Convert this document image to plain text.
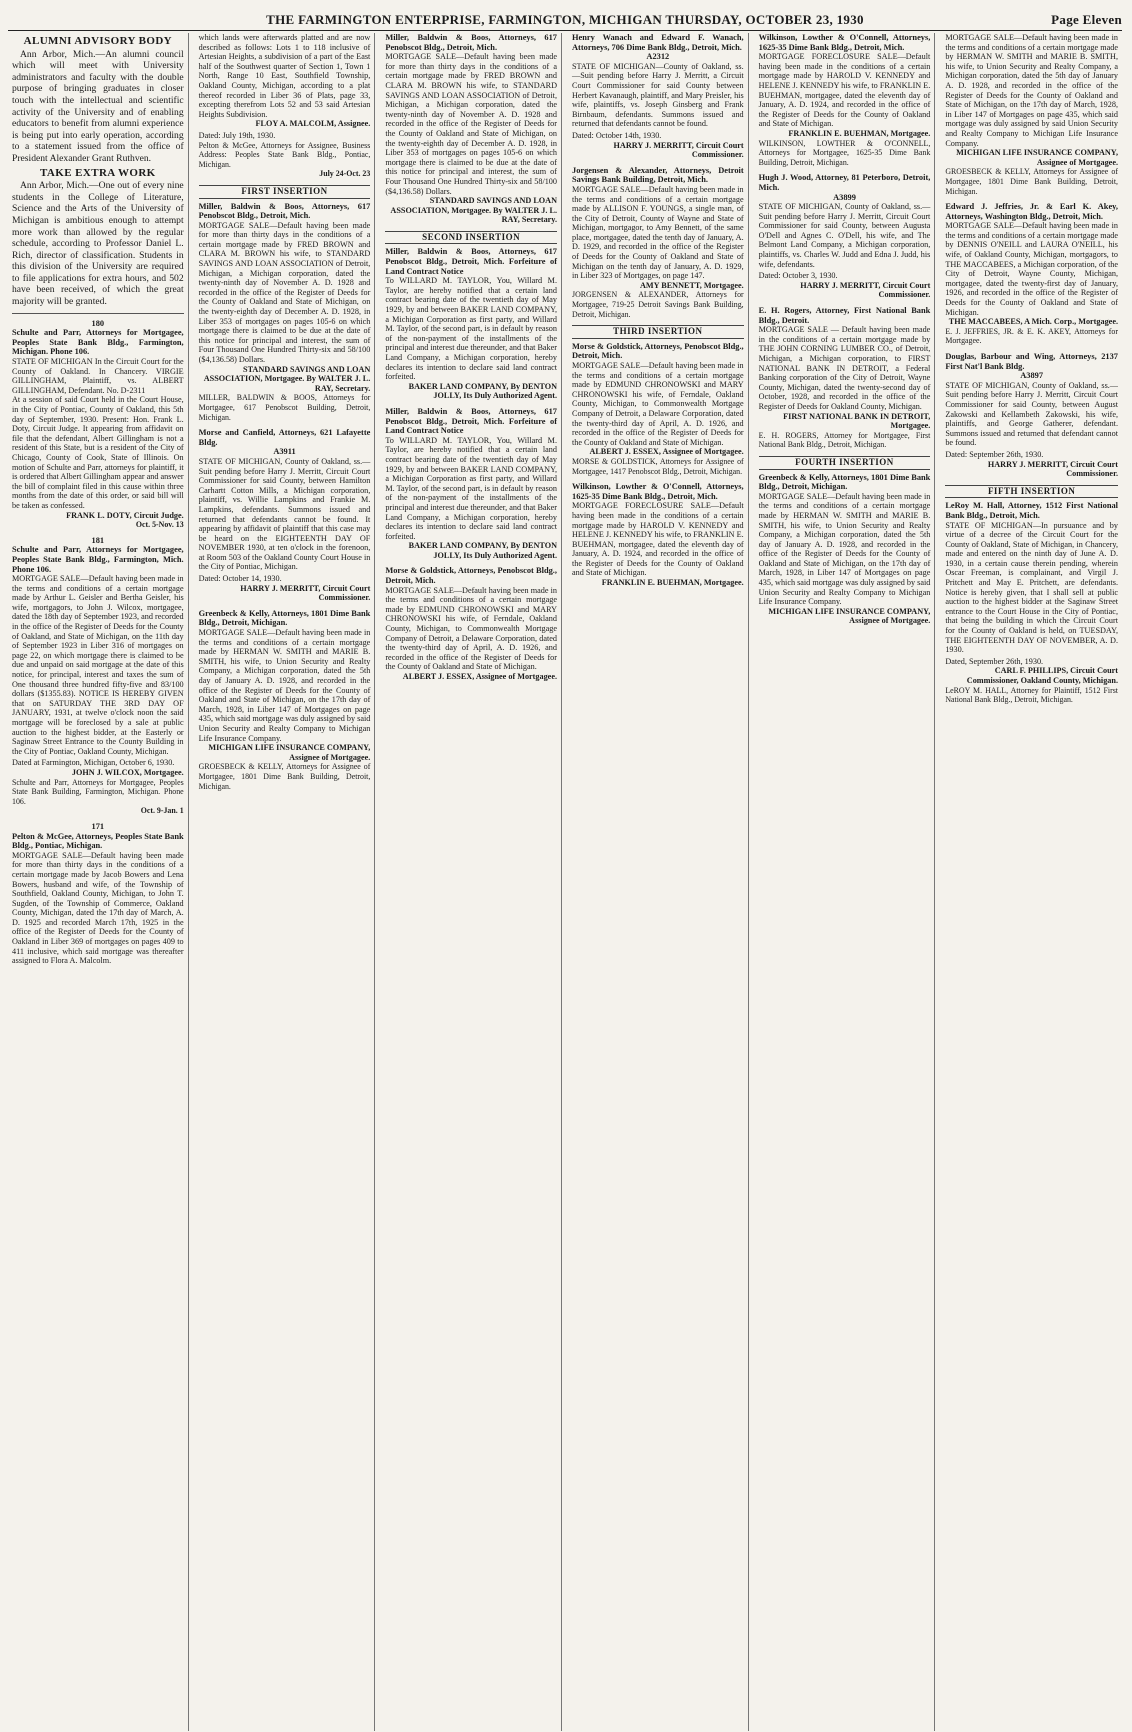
THE FARMINGTON ENTERPRISE, FARMINGTON, MICHIGAN THURSDAY, OCTOBER 23, 1930	Page Eleven
ALUMNI ADVISORY BODY

Ann Arbor, Mich.—An alumni council which will meet with University administrators and faculty with the double purpose of bringing graduates in closer touch with the intellectual and scientific activity of the University and of enabling educators to benefit from alumni experience is being put into early operation, according to a statement issued from the office of President Alexander Grant Ruthven.

TAKE EXTRA WORK

Ann Arbor, Mich.—One out of every nine students in the College of Literature, Science and the Arts of the University of Michigan is ambitious enough to attempt more work than allowed by the regular schedule, according to Professor Daniel L. Rich, director of classification. Students in this division of the University are required to file applications for extra hours, and 502 have been received, of which the great majority will be granted.

180
Schulte and Parr, Attorneys for Mortgagee, Peoples State Bank Bldg., Farmington, Michigan. Phone 106.
STATE OF MICHIGAN In the Circuit Court for the County of Oakland. In Chancery. VIRGIE GILLINGHAM, Plaintiff, vs. ALBERT GILLINGHAM, Defendant. No. D-2311
At a session of said Court held in the Court House, in the City of Pontiac, County of Oakland, this 5th day of September, 1930. Present: Hon. Frank L. Doty, Circuit Judge. It appearing from affidavit on file that the defendant, Albert Gillingham is not a resident of this State, but is a resident of the City of Chicago, County of Cook, State of Illinois. On motion of Schulte and Parr, attorneys for plaintiff, it is ordered that Albert Gillingham appear and answer the bill of complaint filed in this cause within three months from the date of this order, or said bill will be taken as confessed.
FRANK L. DOTY, Circuit Judge.
Oct. 5-Nov. 13
181
Schulte and Parr, Attorneys for Mortgagee, Peoples State Bank Bldg., Farmington, Mich. Phone 106.
MORTGAGE SALE—Default having been made in the terms and conditions of a certain mortgage made by Arthur L. Geisler and Bertha Geisler, his wife, mortgagors, to John J. Wilcox, mortgagee, dated the 18th day of September 1923, and recorded in the office of the Register of Deeds for the County of Oakland, and State of Michigan, on the 11th day of September 1923 in Liber 316 of mortgages on page 22, on which mortgage there is claimed to be due and unpaid on said mortgage at the date of this notice, for principal, interest and taxes the sum of One thousand three hundred fifty-five and 83/100 dollars ($1355.83). NOTICE IS HEREBY GIVEN that on SATURDAY THE 3RD DAY OF JANUARY, 1931, at twelve o'clock noon the said mortgage will be foreclosed by a sale at public auction to the highest bidder, at the Easterly or Saginaw Street Entrance to the County Building in the City of Pontiac, Oakland County, Michigan.
Dated at Farmington, Michigan, October 6, 1930.
JOHN J. WILCOX, Mortgagee.
Schulte and Parr, Attorneys for Mortgagee, Peoples State Bank Building, Farmington, Michigan. Phone 106.
Oct. 9-Jan. 1
171
Pelton & McGee, Attorneys, Peoples State Bank Bldg., Pontiac, Michigan.
MORTGAGE SALE—Default having been made for more than thirty days in the conditions of a certain mortgage made by Jacob Bowers and Lena Bowers, husband and wife, of the Township of Southfield, Oakland County, Michigan, to John T. Sugden, of the Township of Commerce, Oakland County, Michigan, dated the 17th day of March, A. D. 1925 and recorded March 17th, 1925 in the office of the Register of Deeds for the County of Oakland in Liber 369 of mortgages on pages 409 to 411 inclusive, which said mortgage was thereafter assigned to Flora A. Malcolm.
which lands were afterwards platted and are now described as follows: Lots 1 to 118 inclusive of Artesian Heights, a subdivision of a part of the East half of the Southwest quarter of Section 1, Town 1 North, Range 10 East, Southfield Township, Oakland County, Michigan, according to a plat thereof recorded in Liber 36 of Plats, page 33, excepting therefrom Lots 52 and 53 said Artesian Heights Subdivision.
FLOY A. MALCOLM, Assignee.
Dated: July 19th, 1930.
Pelton & McGee, Attorneys for Assignee, Business Address: Peoples State Bank Bldg., Pontiac, Michigan.
July 24-Oct. 23
FIRST INSERTION
Miller, Baldwin & Boos, Attorneys, 617 Penobscot Bldg., Detroit, Mich.
MORTGAGE SALE—Default having been made for more than thirty days in the conditions of a certain mortgage made by FRED BROWN and CLARA M. BROWN his wife, to STANDARD SAVINGS AND LOAN ASSOCIATION of Detroit, Michigan, a Michigan corporation, dated the twenty-ninth day of November A. D. 1928 and recorded in the office of the Register of Deeds for the County of Oakland and State of Michigan, on the twenty-eighth day of December A. D. 1928, in Liber 353 of mortgages on pages 105-6 on which mortgage there is claimed to be due at the date of this notice for principal and interest, the sum of Four Thousand One Hundred Thirty-six and 58/100 ($4,136.58) Dollars.
STANDARD SAVINGS AND LOAN ASSOCIATION, Mortgagee. By WALTER J. L. RAY, Secretary.
MILLER, BALDWIN & BOOS, Attorneys for Mortgagee, 617 Penobscot Building, Detroit, Michigan.
Morse and Canfield, Attorneys, 621 Lafayette Bldg.
A3911
STATE OF MICHIGAN, County of Oakland, ss.—Suit pending before Harry J. Merritt, Circuit Court Commissioner for said County, between Hamilton Carhartt Cotton Mills, a Michigan corporation, plaintiff, vs. Willie Lampkins and Frankie M. Lampkins, defendants. Summons issued and returned that defendants cannot be found. It appearing by affidavit of plaintiff that this case may be heard on the EIGHTEENTH DAY OF NOVEMBER 1930, at ten o'clock in the forenoon, at Room 503 of the Oakland County Court House in the City of Pontiac, Michigan.
Dated: October 14, 1930.
HARRY J. MERRITT, Circuit Court Commissioner.
Greenbeck & Kelly, Attorneys, 1801 Dime Bank Bldg., Detroit, Michigan.
MORTGAGE SALE—Default having been made in the terms and conditions of a certain mortgage made by HERMAN W. SMITH and MARIE B. SMITH, his wife, to Union Security and Realty Company, a Michigan corporation, dated the 5th day of January A. D. 1928, and recorded in the office of the Register of Deeds for the County of Oakland and State of Michigan, on the 17th day of March, 1928, in Liber 147 of Mortgages on page 435, which said mortgage was duly assigned by said Union Security and Realty Company to Michigan Life Insurance Company.
MICHIGAN LIFE INSURANCE COMPANY, Assignee of Mortgagee.
GROESBECK & KELLY, Attorneys for Assignee of Mortgagee, 1801 Dime Bank Building, Detroit, Michigan.
Miller, Baldwin & Boos, Attorneys, 617 Penobscot Bldg., Detroit, Mich.
MORTGAGE SALE—Default having been made for more than thirty days in the conditions of a certain mortgage made by FRED BROWN and CLARA M. BROWN his wife, to STANDARD SAVINGS AND LOAN ASSOCIATION of Detroit, Michigan, a Michigan corporation, dated the twenty-ninth day of November A. D. 1928 and recorded in the office of the Register of Deeds for the County of Oakland and State of Michigan, on the twenty-eighth day of December A. D. 1928, in Liber 353 of mortgages on pages 105-6 on which mortgage there is claimed to be due at the date of this notice for principal and interest, the sum of Four Thousand One Hundred Thirty-six and 58/100 ($4,136.58) Dollars.
STANDARD SAVINGS AND LOAN ASSOCIATION, Mortgagee. By WALTER J. L. RAY, Secretary.
SECOND INSERTION
Miller, Baldwin & Boos, Attorneys, 617 Penobscot Bldg., Detroit, Mich. Forfeiture of Land Contract Notice
To WILLARD M. TAYLOR, You, Willard M. Taylor, are hereby notified that a certain land contract bearing date of the twentieth day of May 1929, by and between BAKER LAND COMPANY, a Michigan Corporation as first party, and Willard M. Taylor, of the second part, is in default by reason of the non-payment of the installments of the principal and interest due thereunder, and that Baker Land Company, a Michigan corporation, hereby declares its intention to declare said land contract forfeited.
BAKER LAND COMPANY, By DENTON JOLLY, Its Duly Authorized Agent.
Miller, Baldwin & Boos, Attorneys, 617 Penobscot Bldg., Detroit, Mich. Forfeiture of Land Contract Notice
To WILLARD M. TAYLOR, You, Willard M. Taylor, are hereby notified that a certain land contract bearing date of the twentieth day of May 1929, by and between BAKER LAND COMPANY, a Michigan Corporation as first party, and Willard M. Taylor, of the second part, is in default by reason of the non-payment of the installments of the principal and interest due thereunder, and that Baker Land Company, a Michigan corporation, hereby declares its intention to declare said land contract forfeited.
BAKER LAND COMPANY, By DENTON JOLLY, Its Duly Authorized Agent.
Morse & Goldstick, Attorneys, Penobscot Bldg., Detroit, Mich.
MORTGAGE SALE—Default having been made in the terms and conditions of a certain mortgage made by EDMUND CHRONOWSKI and MARY CHRONOWSKI his wife, of Ferndale, Oakland County, Michigan, to Commonwealth Mortgage Company of Detroit, a Delaware Corporation, dated the twenty-third day of April, A. D. 1926, and recorded in the office of the Register of Deeds for the County of Oakland and State of Michigan.
ALBERT J. ESSEX, Assignee of Mortgagee.
Henry Wanach and Edward F. Wanach, Attorneys, 706 Dime Bank Bldg., Detroit, Mich.
A2312
STATE OF MICHIGAN—County of Oakland, ss.—Suit pending before Harry J. Merritt, a Circuit Court Commissioner for said County between Herbert Kavanaugh, plaintiff, and Mary Preisler, his wife, plaintiffs, vs. Joseph Ginsberg and Frank Birnbaum, defendants. Summons issued and returned that defendants cannot be found.
Dated: October 14th, 1930.
HARRY J. MERRITT, Circuit Court Commissioner.
Jorgensen & Alexander, Attorneys, Detroit Savings Bank Building, Detroit, Mich.
MORTGAGE SALE—Default having been made in the terms and conditions of a certain mortgage made by ALLISON F. YOUNGS, a single man, of the City of Detroit, County of Wayne and State of Michigan, mortgagor, to Amy Bennett, of the same place, mortgagee, dated the tenth day of January, A. D. 1929, and recorded in the office of the Register of Deeds for the County of Oakland and State of Michigan on the tenth day of January, A. D. 1929, in Liber 323 of Mortgages, on page 147.
AMY BENNETT, Mortgagee.
JORGENSEN & ALEXANDER, Attorneys for Mortgagee, 719-25 Detroit Savings Bank Building, Detroit, Michigan.
THIRD INSERTION
Morse & Goldstick, Attorneys, Penobscot Bldg., Detroit, Mich.
MORTGAGE SALE—Default having been made in the terms and conditions of a certain mortgage made by EDMUND CHRONOWSKI and MARY CHRONOWSKI his wife, of Ferndale, Oakland County, Michigan, to Commonwealth Mortgage Company of Detroit, a Delaware Corporation, dated the twenty-third day of April, A. D. 1926, and recorded in the office of the Register of Deeds for the County of Oakland and State of Michigan.
ALBERT J. ESSEX, Assignee of Mortgagee.
MORSE & GOLDSTICK, Attorneys for Assignee of Mortgagee, 1417 Penobscot Bldg., Detroit, Michigan.
Wilkinson, Lowther & O'Connell, Attorneys, 1625-35 Dime Bank Bldg., Detroit, Mich.
MORTGAGE FORECLOSURE SALE—Default having been made in the conditions of a certain mortgage made by HAROLD V. KENNEDY and HELENE J. KENNEDY his wife, to FRANKLIN E. BUEHMAN, mortgagee, dated the eleventh day of January, A. D. 1924, and recorded in the office of the Register of Deeds for the County of Oakland and State of Michigan.
FRANKLIN E. BUEHMAN, Mortgagee.
Wilkinson, Lowther & O'Connell, Attorneys, 1625-35 Dime Bank Bldg., Detroit, Mich.
MORTGAGE FORECLOSURE SALE—Default having been made in the conditions of a certain mortgage made by HAROLD V. KENNEDY and HELENE J. KENNEDY his wife, to FRANKLIN E. BUEHMAN, mortgagee, dated the eleventh day of January, A. D. 1924, and recorded in the office of the Register of Deeds for the County of Oakland and State of Michigan.
FRANKLIN E. BUEHMAN, Mortgagee.
WILKINSON, LOWTHER & O'CONNELL, Attorneys for Mortgagee, 1625-35 Dime Bank Building, Detroit, Michigan.
Hugh J. Wood, Attorney, 81 Peterboro, Detroit, Mich.
A3899
STATE OF MICHIGAN, County of Oakland, ss.—Suit pending before Harry J. Merritt, Circuit Court Commissioner for said County, between Augusta O'Dell and Agnes C. O'Dell, his wife, and The Belmont Land Company, a Michigan corporation, plaintiffs, vs. Charles W. Judd and Edna J. Judd, his wife, defendants.
Dated: October 3, 1930.
HARRY J. MERRITT, Circuit Court Commissioner.
E. H. Rogers, Attorney, First National Bank Bldg., Detroit.
MORTGAGE SALE — Default having been made in the conditions of a certain mortgage made by THE JOHN CORNING LUMBER CO., of Detroit, Michigan, a Michigan corporation, to FIRST NATIONAL BANK IN DETROIT, a Federal Banking corporation of the City of Detroit, Wayne County, Michigan, dated the twenty-second day of October, 1928, and recorded in the office of the Register of Deeds for Oakland County, Michigan.
FIRST NATIONAL BANK IN DETROIT, Mortgagee.
E. H. ROGERS, Attorney for Mortgagee, First National Bank Bldg., Detroit, Michigan.
FOURTH INSERTION
Greenbeck & Kelly, Attorneys, 1801 Dime Bank Bldg., Detroit, Michigan.
MORTGAGE SALE—Default having been made in the terms and conditions of a certain mortgage made by HERMAN W. SMITH and MARIE B. SMITH, his wife, to Union Security and Realty Company, a Michigan corporation, dated the 5th day of January A. D. 1928, and recorded in the office of the Register of Deeds for the County of Oakland and State of Michigan, on the 17th day of March, 1928, in Liber 147 of Mortgages on page 435, which said mortgage was duly assigned by said Union Security and Realty Company to Michigan Life Insurance Company.
MICHIGAN LIFE INSURANCE COMPANY, Assignee of Mortgagee.
MORTGAGE SALE—Default having been made in the terms and conditions of a certain mortgage made by HERMAN W. SMITH and MARIE B. SMITH, his wife, to Union Security and Realty Company, a Michigan corporation, dated the 5th day of January A. D. 1928, and recorded in the office of the Register of Deeds for the County of Oakland and State of Michigan, on the 17th day of March, 1928, in Liber 147 of Mortgages on page 435, which said mortgage was duly assigned by said Union Security and Realty Company to Michigan Life Insurance Company.
MICHIGAN LIFE INSURANCE COMPANY, Assignee of Mortgagee.
GROESBECK & KELLY, Attorneys for Assignee of Mortgagee, 1801 Dime Bank Building, Detroit, Michigan.
Edward J. Jeffries, Jr. & Earl K. Akey, Attorneys, Washington Bldg., Detroit, Mich.
MORTGAGE SALE—Default having been made in the terms and conditions of a certain mortgage made by DENNIS O'NEILL and LAURA O'NEILL, his wife, of Oakland County, Michigan, mortgagors, to THE MACCABEES, a Michigan corporation, of the City of Detroit, Wayne County, Michigan, mortgagee, dated the twenty-first day of January, 1926, and recorded in the office of the Register of Deeds for the County of Oakland and State of Michigan.
THE MACCABEES, A Mich. Corp., Mortgagee.
E. J. JEFFRIES, JR. & E. K. AKEY, Attorneys for Mortgagee.
Douglas, Barbour and Wing, Attorneys, 2137 First Nat'l Bank Bldg.
A3897
STATE OF MICHIGAN, County of Oakland, ss.—Suit pending before Harry J. Merritt, Circuit Court Commissioner for said County, between August Zakowski and Kellambeth Zakowski, his wife, plaintiffs, and George Gatherer, defendant. Summons issued and returned that defendant cannot be found.
Dated: September 26th, 1930.
HARRY J. MERRITT, Circuit Court Commissioner.
FIFTH INSERTION
LeRoy M. Hall, Attorney, 1512 First National Bank Bldg., Detroit, Mich.
STATE OF MICHIGAN—In pursuance and by virtue of a decree of the Circuit Court for the County of Oakland, State of Michigan, in Chancery, made and entered on the ninth day of June A. D. 1930, in a certain cause therein pending, wherein Oscar Freeman, is complainant, and Virgil J. Pritchett and May E. Pritchett, are defendants. Notice is hereby given, that I shall sell at public auction to the highest bidder at the Saginaw Street entrance to the Court House in the City of Pontiac, that being the building in which the Circuit Court for the County of Oakland is held, on TUESDAY, THE EIGHTEENTH DAY OF NOVEMBER, A. D. 1930.
Dated, September 26th, 1930.
CARL F. PHILLIPS, Circuit Court Commissioner, Oakland County, Michigan.
LeROY M. HALL, Attorney for Plaintiff, 1512 First National Bank Bldg., Detroit, Michigan.
